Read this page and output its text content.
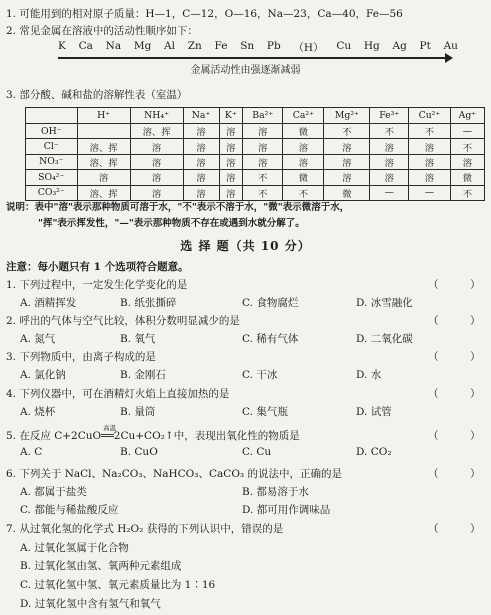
1. 可能用到的相对原子质量：H—1，C—12，O—16，Na—23，Ca—40，Fe—56
2. 常见金属在溶液中的活动性顺序如下：
K Ca Na Mg Al Zn Fe Sn Pb （H） Cu Hg Ag Pt Au
金属活动性由强逐渐减弱
3. 部分酸、碱和盐的溶解性表（室温）
	H⁺	NH₄⁺	Na⁺	K⁺	Ba²⁺	Ca²⁺	Mg²⁺	Fe³⁺	Cu²⁺	Ag⁺
OH⁻		溶、挥	溶	溶	溶	微	不	不	不	—
Cl⁻	溶、挥	溶	溶	溶	溶	溶	溶	溶	溶	不
NO₃⁻	溶、挥	溶	溶	溶	溶	溶	溶	溶	溶	溶
SO₄²⁻	溶	溶	溶	溶	不	微	溶	溶	溶	微
CO₃²⁻	溶、挥	溶	溶	溶	不	不	微	—	—	不
说明：表中"溶"表示那种物质可溶于水，"不"表示不溶于水，"微"表示微溶于水，
"挥"表示挥发性，"—"表示那种物质不存在或遇到水就分解了。
选 择 题（共 10 分）
注意：每小题只有 1 个选项符合题意。
1. 下列过程中，一定发生化学变化的是	（　　　）
A. 酒精挥发	B. 纸张撕碎	C. 食物腐烂	D. 冰雪融化
2. 呼出的气体与空气比较，体积分数明显减少的是	（　　　）
A. 氮气	B. 氧气	C. 稀有气体	D. 二氧化碳
3. 下列物质中，由离子构成的是	（　　　）
A. 氯化钠	B. 金刚石	C. 干冰	D. 水
4. 下列仪器中，可在酒精灯火焰上直接加热的是	（　　　）
A. 烧杯	B. 量筒	C. 集气瓶	D. 试管
5. 在反应 C+2CuO
高温
══2Cu+CO₂↑中，表现出氧化性的物质是	（　　　）
A. C	B. CuO	C. Cu	D. CO₂
6. 下列关于 NaCl、Na₂CO₃、NaHCO₃、CaCO₃ 的说法中，正确的是	（　　　）
A. 都属于盐类	B. 都易溶于水
C. 都能与稀盐酸反应	D. 都可用作调味品
7. 从过氧化氢的化学式 H₂O₂ 获得的下列认识中，错误的是	（　　　）
A. 过氧化氢属于化合物
B. 过氧化氢由氢、氧两种元素组成
C. 过氧化氢中氢、氧元素质量比为 1∶16
D. 过氧化氢中含有氢气和氧气
